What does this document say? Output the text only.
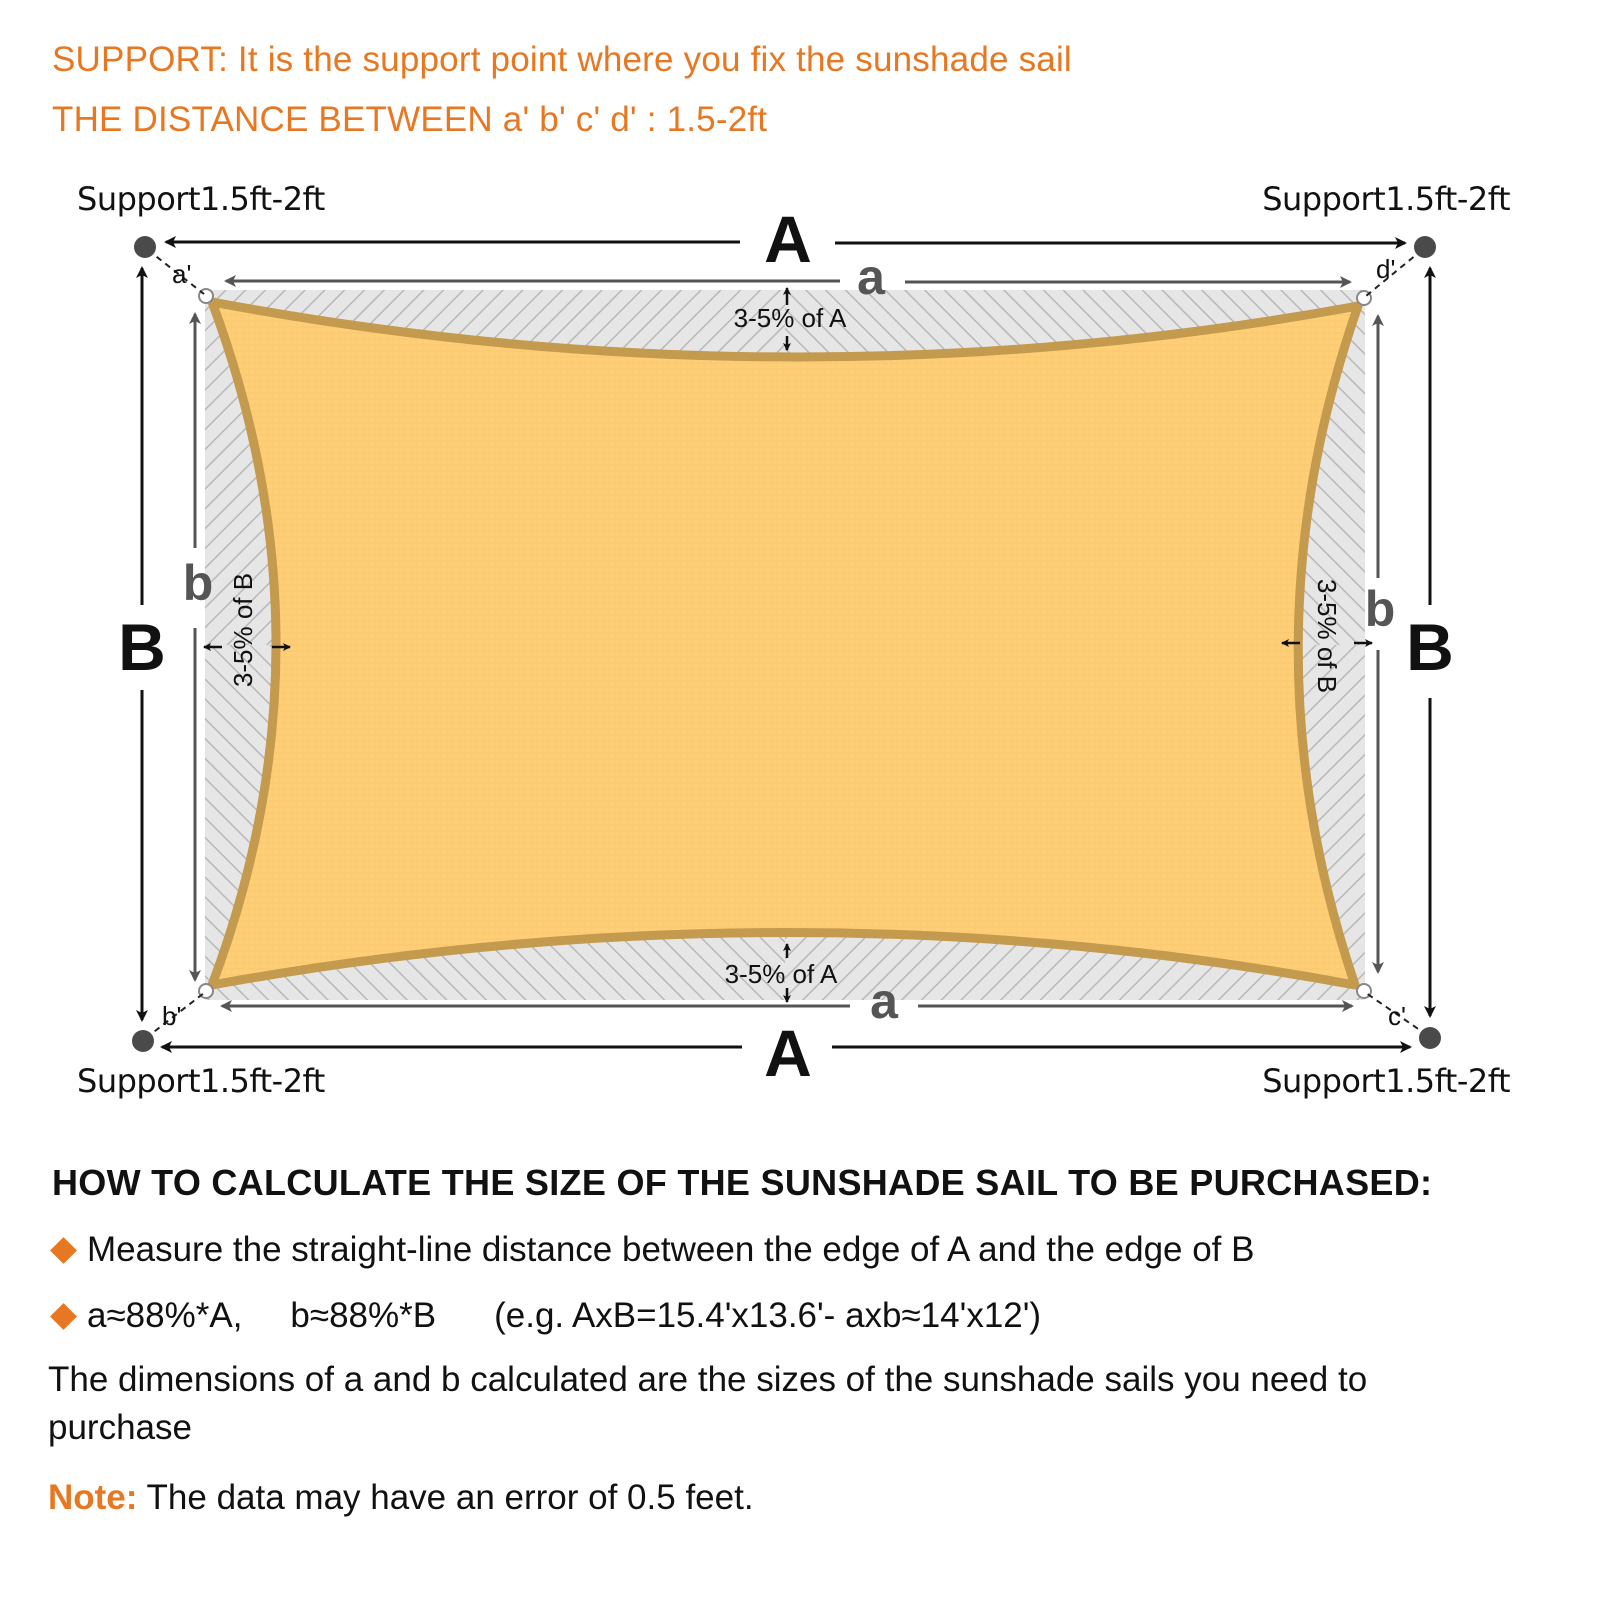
SUPPORT: It is the support point where you fix the sunshade sail
THE DISTANCE BETWEEN a' b' c' d' : 1.5-2ft
Support1.5ft-2ft	Support1.5ft-2ft
Support1.5ft-2ft	Support1.5ft-2ft
A
A
B	B
a
a
b	b
a'	d'
b'	c'
3-5% of A
3-5% of A
3-5% of B	3-5% of B
HOW TO CALCULATE THE SIZE OF THE SUNSHADE SAIL TO BE PURCHASED:
Measure the straight-line distance between the edge of A and the edge of B
a≈88%*A, b≈88%*B (e.g. AxB=15.4'x13.6'- axb≈14'x12')
The dimensions of a and b calculated are the sizes of the sunshade sails you need to purchase
Note: The data may have an error of 0.5 feet.
